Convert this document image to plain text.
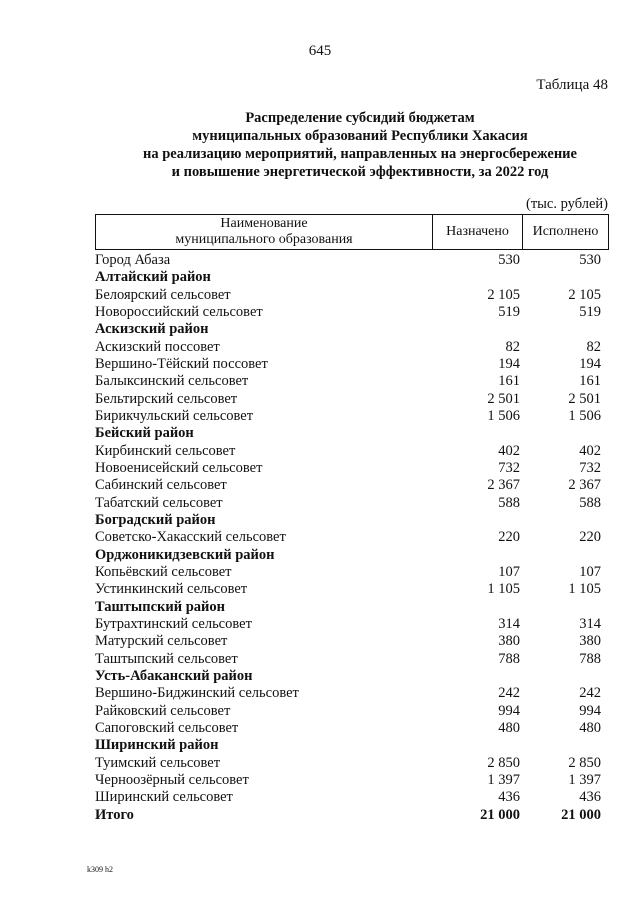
645
Таблица 48
Распределение субсидий бюджетам
муниципальных образований Республики Хакасия
на реализацию мероприятий, направленных на энергосбережение
и повышение энергетической эффективности, за 2022 год
(тыс. рублей)
Наименование
муниципального образования
Назначено	Исполнено
Город Абаза	530	530
Алтайский район
Белоярский сельсовет	2 105	2 105
Новороссийский сельсовет	519	519
Аскизский район
Аскизский поссовет	82	82
Вершино-Тёйский поссовет	194	194
Балыксинский сельсовет	161	161
Бельтирский сельсовет	2 501	2 501
Бирикчульский сельсовет	1 506	1 506
Бейский район
Кирбинский сельсовет	402	402
Новоенисейский сельсовет	732	732
Сабинский сельсовет	2 367	2 367
Табатский сельсовет	588	588
Боградский район
Советско-Хакасский сельсовет	220	220
Орджоникидзевский район
Копьёвский сельсовет	107	107
Устинкинский сельсовет	1 105	1 105
Таштыпский район
Бутрахтинский сельсовет	314	314
Матурский сельсовет	380	380
Таштыпский сельсовет	788	788
Усть-Абаканский район
Вершино-Биджинский сельсовет	242	242
Райковский сельсовет	994	994
Сапоговский сельсовет	480	480
Ширинский район
Туимский сельсовет	2 850	2 850
Черноозёрный сельсовет	1 397	1 397
Ширинский сельсовет	436	436
Итого	21 000	21 000
k309 h2
